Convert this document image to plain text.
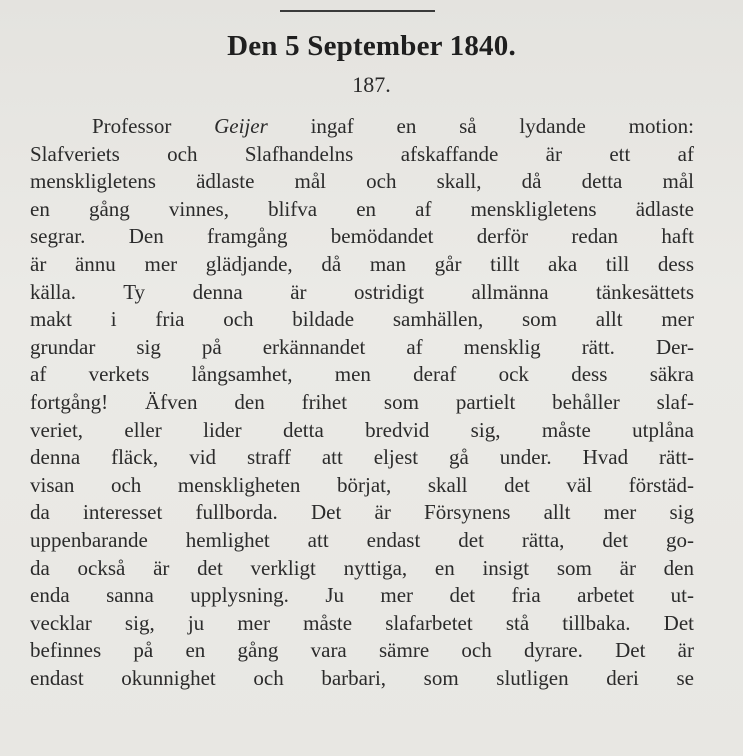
Den 5 September 1840.
187.
Professor Geijer ingaf en så lydande motion:
Slafveriets och Slafhandelns afskaffande är ett af
menskligletens ädlaste mål och skall, då detta mål
en gång vinnes, blifva en af menskligletens ädlaste
segrar. Den framgång bemödandet derför redan haft
är ännu mer glädjande, då man går tillt aka till dess
källa. Ty denna är ostridigt allmänna tänkesättets
makt i fria och bildade samhällen, som allt mer
grundar sig på erkännandet af mensklig rätt. Der-
af verkets långsamhet, men deraf ock dess säkra
fortgång! Äfven den frihet som partielt behåller slaf-
veriet, eller lider detta bredvid sig, måste utplåna
denna fläck, vid straff att eljest gå under. Hvad rätt-
visan och menskligheten börjat, skall det väl förstäd-
da interesset fullborda. Det är Försynens allt mer sig
uppenbarande hemlighet att endast det rätta, det go-
da också är det verkligt nyttiga, en insigt som är den
enda sanna upplysning. Ju mer det fria arbetet ut-
vecklar sig, ju mer måste slafarbetet stå tillbaka. Det
befinnes på en gång vara sämre och dyrare. Det är
endast okunnighet och barbari, som slutligen deri se
